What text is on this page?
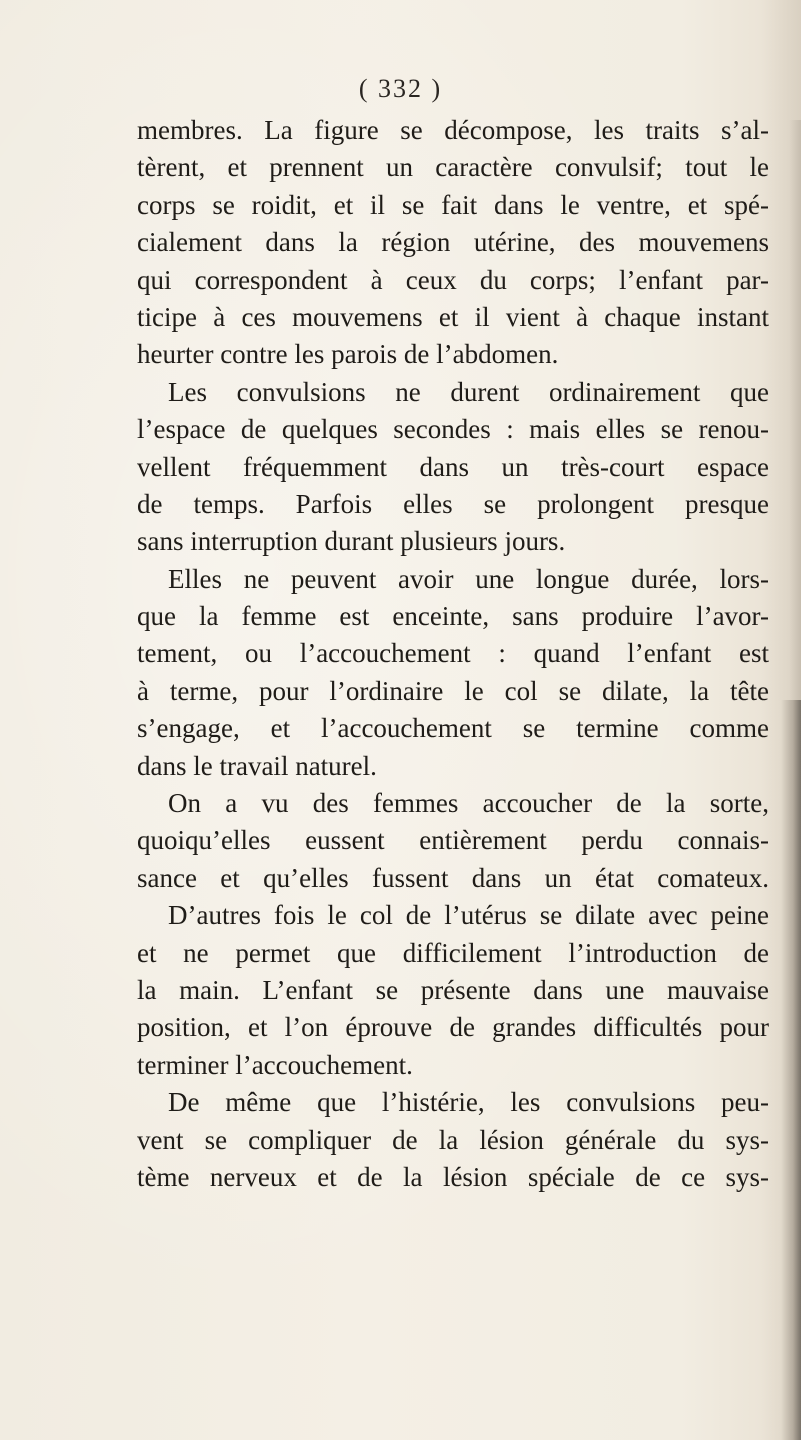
( 332 )
membres. La figure se décompose, les traits s’al-
tèrent, et prennent un caractère convulsif; tout le
corps se roidit, et il se fait dans le ventre, et spé-
cialement dans la région utérine, des mouvemens
qui correspondent à ceux du corps; l’enfant par-
ticipe à ces mouvemens et il vient à chaque instant
heurter contre les parois de l’abdomen.
Les convulsions ne durent ordinairement que
l’espace de quelques secondes : mais elles se renou-
vellent fréquemment dans un très-court espace
de temps. Parfois elles se prolongent presque
sans interruption durant plusieurs jours.
Elles ne peuvent avoir une longue durée, lors-
que la femme est enceinte, sans produire l’avor-
tement, ou l’accouchement : quand l’enfant est
à terme, pour l’ordinaire le col se dilate, la tête
s’engage, et l’accouchement se termine comme
dans le travail naturel.
On a vu des femmes accoucher de la sorte,
quoiqu’elles eussent entièrement perdu connais-
sance et qu’elles fussent dans un état comateux.
D’autres fois le col de l’utérus se dilate avec peine
et ne permet que difficilement l’introduction de
la main. L’enfant se présente dans une mauvaise
position, et l’on éprouve de grandes difficultés pour
terminer l’accouchement.
De même que l’histérie, les convulsions peu-
vent se compliquer de la lésion générale du sys-
tème nerveux et de la lésion spéciale de ce sys-
